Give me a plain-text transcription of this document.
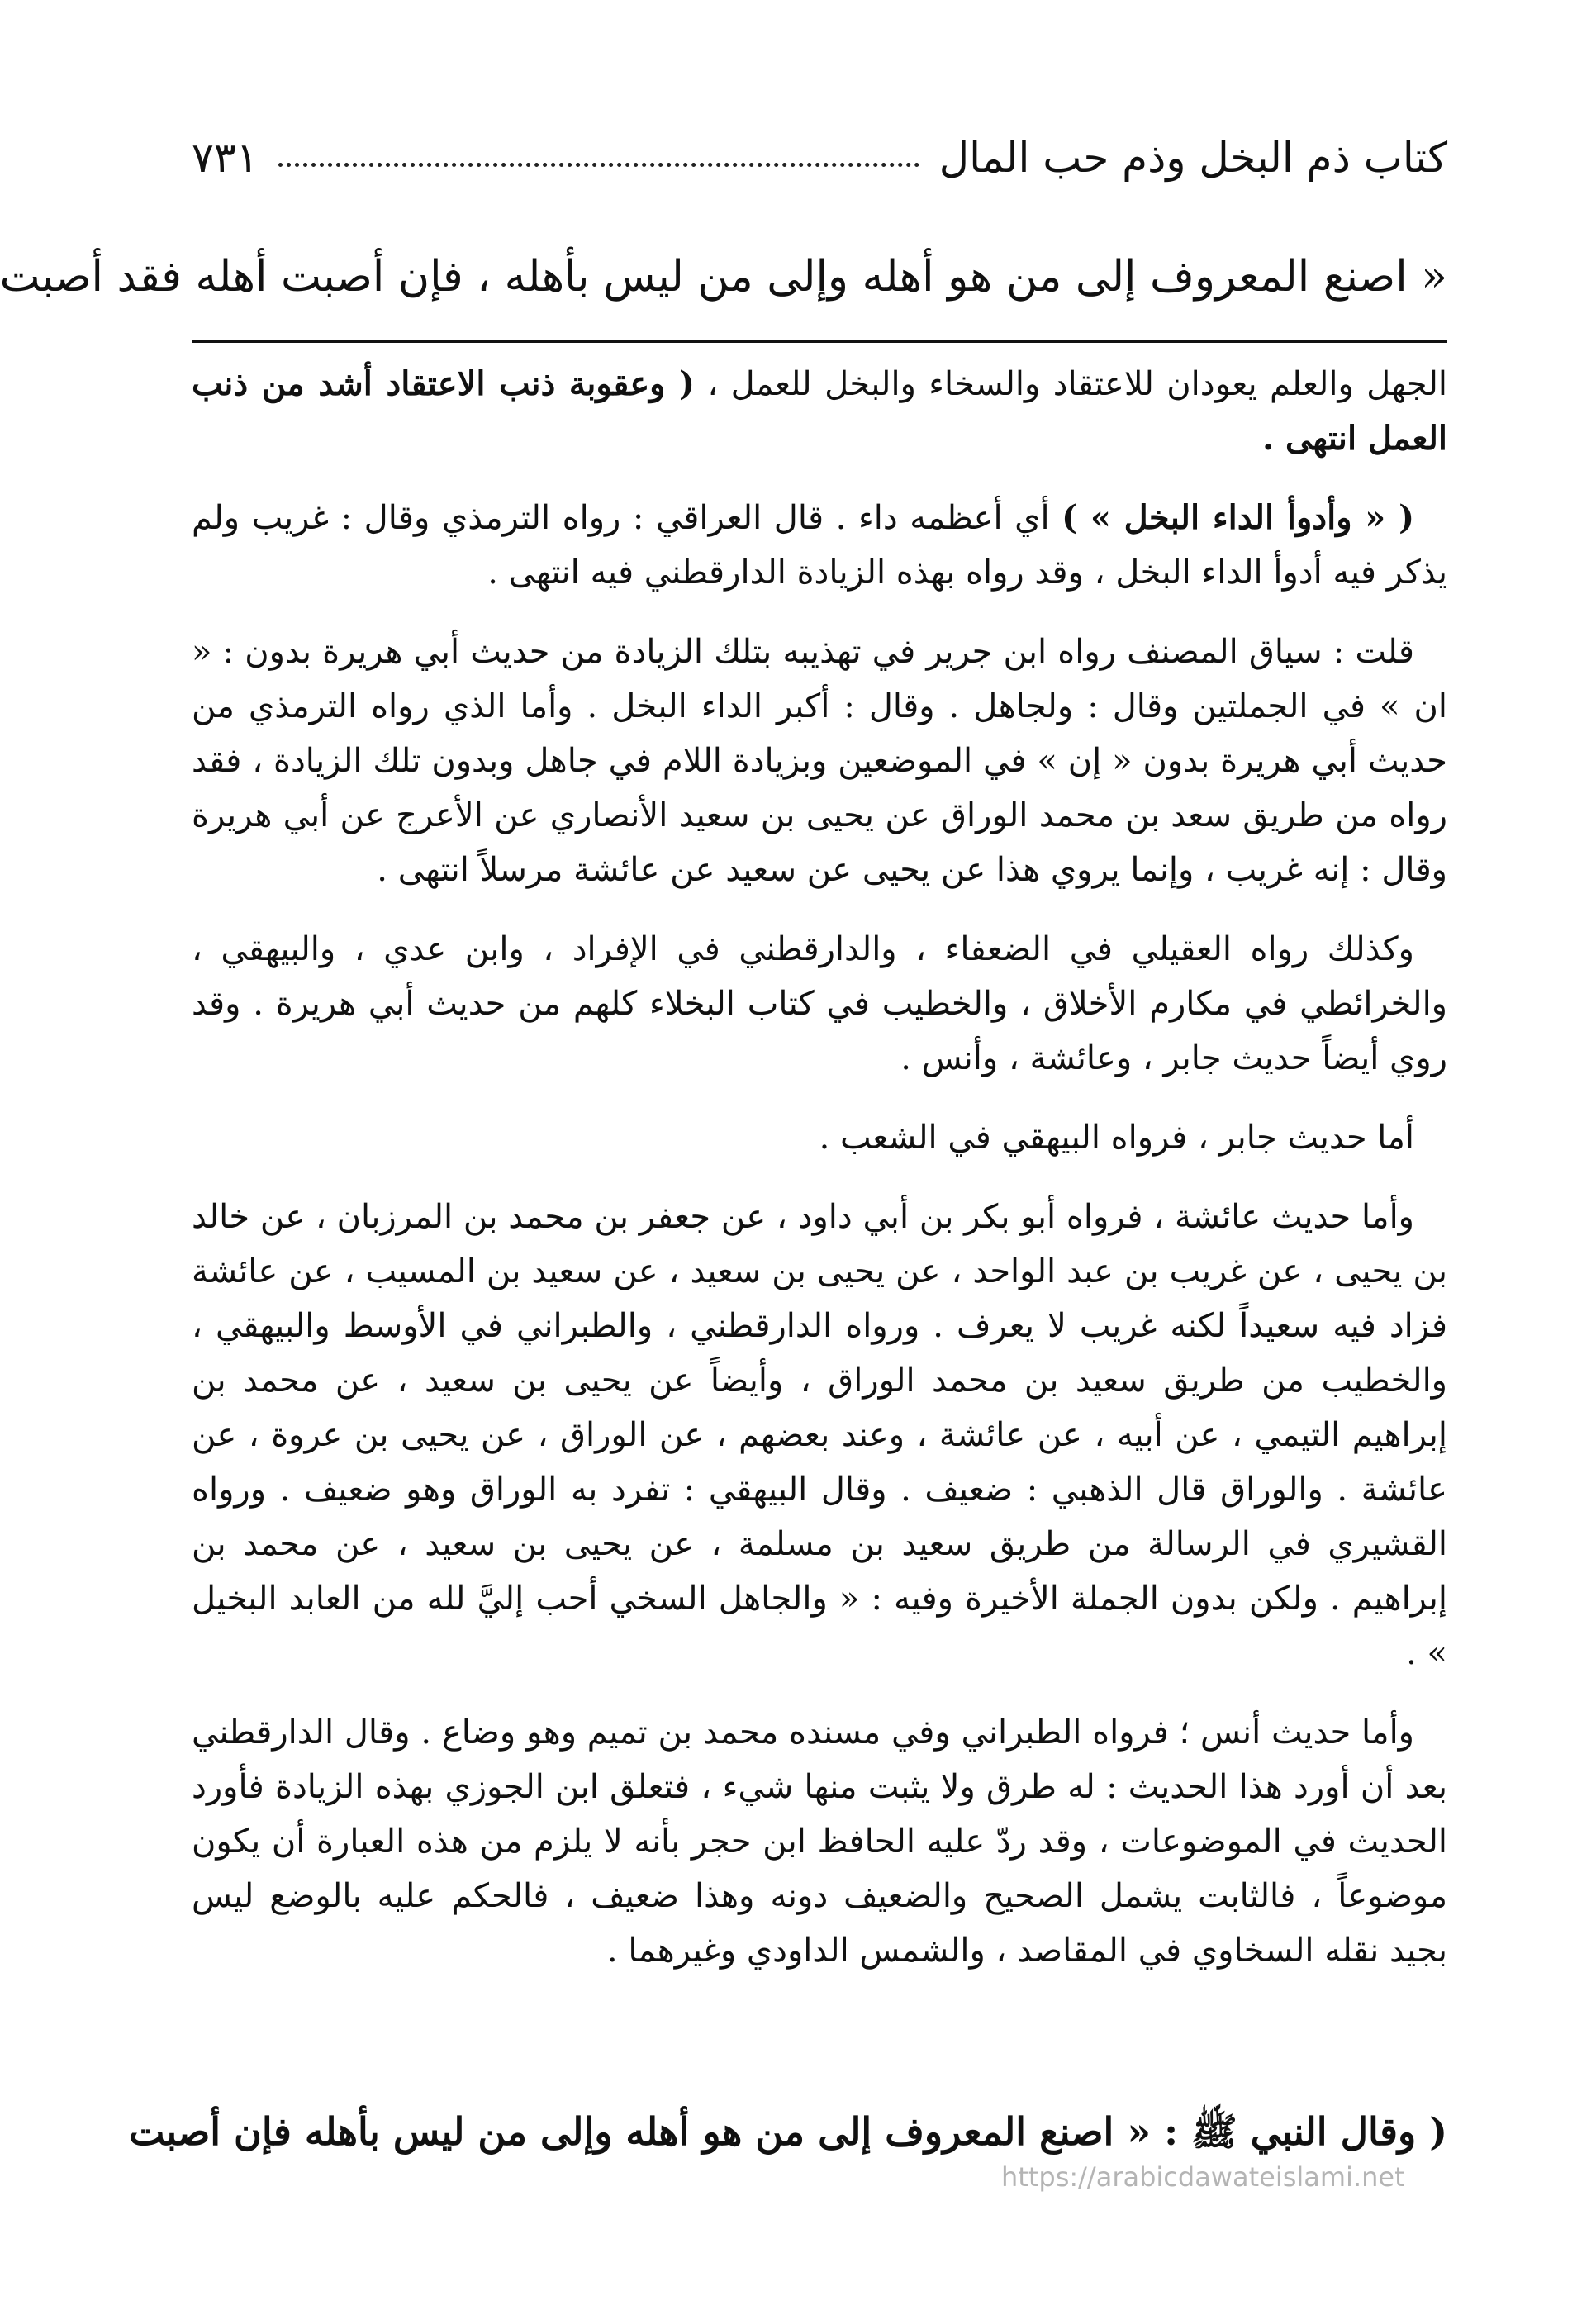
كتاب ذم البخل وذم حب المال
٧٣١
« اصنع المعروف إلى من هو أهله وإلى من ليس بأهله ، فإن أصبت أهله فقد أصبت

الجهل والعلم يعودان للاعتقاد والسخاء والبخل للعمل ، ( وعقوبة ذنب الاعتقاد أشد من ذنب العمل انتهى .

( « وأدوأ الداء البخل » ) أي أعظمه داء . قال العراقي : رواه الترمذي وقال : غريب ولم يذكر فيه أدوأ الداء البخل ، وقد رواه بهذه الزيادة الدارقطني فيه انتهى .

قلت : سياق المصنف رواه ابن جرير في تهذيبه بتلك الزيادة من حديث أبي هريرة بدون : « ان » في الجملتين وقال : ولجاهل . وقال : أكبر الداء البخل . وأما الذي رواه الترمذي من حديث أبي هريرة بدون « إن » في الموضعين وبزيادة اللام في جاهل وبدون تلك الزيادة ، فقد رواه من طريق سعد بن محمد الوراق عن يحيى بن سعيد الأنصاري عن الأعرج عن أبي هريرة وقال : إنه غريب ، وإنما يروي هذا عن يحيى عن سعيد عن عائشة مرسلاً انتهى .

وكذلك رواه العقيلي في الضعفاء ، والدارقطني في الإفراد ، وابن عدي ، والبيهقي ، والخرائطي في مكارم الأخلاق ، والخطيب في كتاب البخلاء كلهم من حديث أبي هريرة . وقد روي أيضاً حديث جابر ، وعائشة ، وأنس .

أما حديث جابر ، فرواه البيهقي في الشعب .

وأما حديث عائشة ، فرواه أبو بكر بن أبي داود ، عن جعفر بن محمد بن المرزبان ، عن خالد بن يحيى ، عن غريب بن عبد الواحد ، عن يحيى بن سعيد ، عن سعيد بن المسيب ، عن عائشة فزاد فيه سعيداً لكنه غريب لا يعرف . ورواه الدارقطني ، والطبراني في الأوسط والبيهقي ، والخطيب من طريق سعيد بن محمد الوراق ، وأيضاً عن يحيى بن سعيد ، عن محمد بن إبراهيم التيمي ، عن أبيه ، عن عائشة ، وعند بعضهم ، عن الوراق ، عن يحيى بن عروة ، عن عائشة . والوراق قال الذهبي : ضعيف . وقال البيهقي : تفرد به الوراق وهو ضعيف . ورواه القشيري في الرسالة من طريق سعيد بن مسلمة ، عن يحيى بن سعيد ، عن محمد بن إبراهيم . ولكن بدون الجملة الأخيرة وفيه : « والجاهل السخي أحب إليَّ لله من العابد البخيل » .

وأما حديث أنس ؛ فرواه الطبراني وفي مسنده محمد بن تميم وهو وضاع . وقال الدارقطني بعد أن أورد هذا الحديث : له طرق ولا يثبت منها شيء ، فتعلق ابن الجوزي بهذه الزيادة فأورد الحديث في الموضوعات ، وقد ردّ عليه الحافظ ابن حجر بأنه لا يلزم من هذه العبارة أن يكون موضوعاً ، فالثابت يشمل الصحيح والضعيف دونه وهذا ضعيف ، فالحكم عليه بالوضع ليس بجيد نقله السخاوي في المقاصد ، والشمس الداودي وغيرهما .

( وقال النبي ﷺ : « اصنع المعروف إلى من هو أهله وإلى من ليس بأهله فإن أصبت
https://arabicdawateislami.net
